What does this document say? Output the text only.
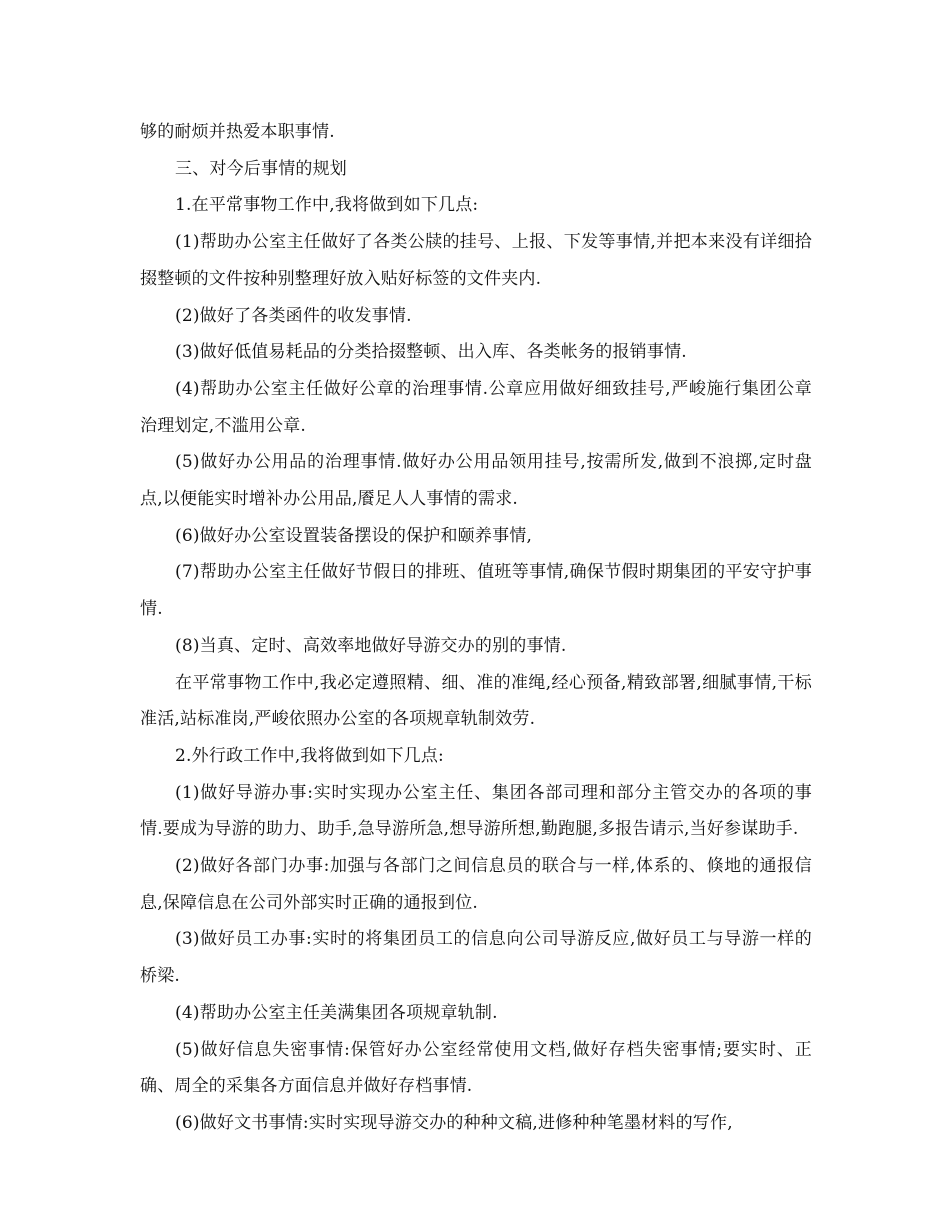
够的耐烦并热爱本职事情.

三、对今后事情的规划

1.在平常事物工作中,我将做到如下几点:

(1)帮助办公室主任做好了各类公牍的挂号、上报、下发等事情,并把本来没有详细拾掇整顿的文件按种别整理好放入贴好标签的文件夹内.

(2)做好了各类函件的收发事情.

(3)做好低值易耗品的分类拾掇整顿、出入库、各类帐务的报销事情.

(4)帮助办公室主任做好公章的治理事情.公章应用做好细致挂号,严峻施行集团公章治理划定,不滥用公章.

(5)做好办公用品的治理事情.做好办公用品领用挂号,按需所发,做到不浪掷,定时盘点,以便能实时增补办公用品,餍足人人事情的需求.

(6)做好办公室设置装备摆设的保护和颐养事情,

(7)帮助办公室主任做好节假日的排班、值班等事情,确保节假时期集团的平安守护事情.

(8)当真、定时、高效率地做好导游交办的别的事情.

在平常事物工作中,我必定遵照精、细、准的准绳,经心预备,精致部署,细腻事情,干标准活,站标准岗,严峻依照办公室的各项规章轨制效劳.

2.外行政工作中,我将做到如下几点:

(1)做好导游办事:实时实现办公室主任、集团各部司理和部分主管交办的各项的事情.要成为导游的助力、助手,急导游所急,想导游所想,勤跑腿,多报告请示,当好参谋助手.

(2)做好各部门办事:加强与各部门之间信息员的联合与一样,体系的、倏地的通报信息,保障信息在公司外部实时正确的通报到位.

(3)做好员工办事:实时的将集团员工的信息向公司导游反应,做好员工与导游一样的桥梁.

(4)帮助办公室主任美满集团各项规章轨制.

(5)做好信息失密事情:保管好办公室经常使用文档,做好存档失密事情;要实时、正确、周全的采集各方面信息并做好存档事情.

(6)做好文书事情:实时实现导游交办的种种文稿,进修种种笔墨材料的写作,
